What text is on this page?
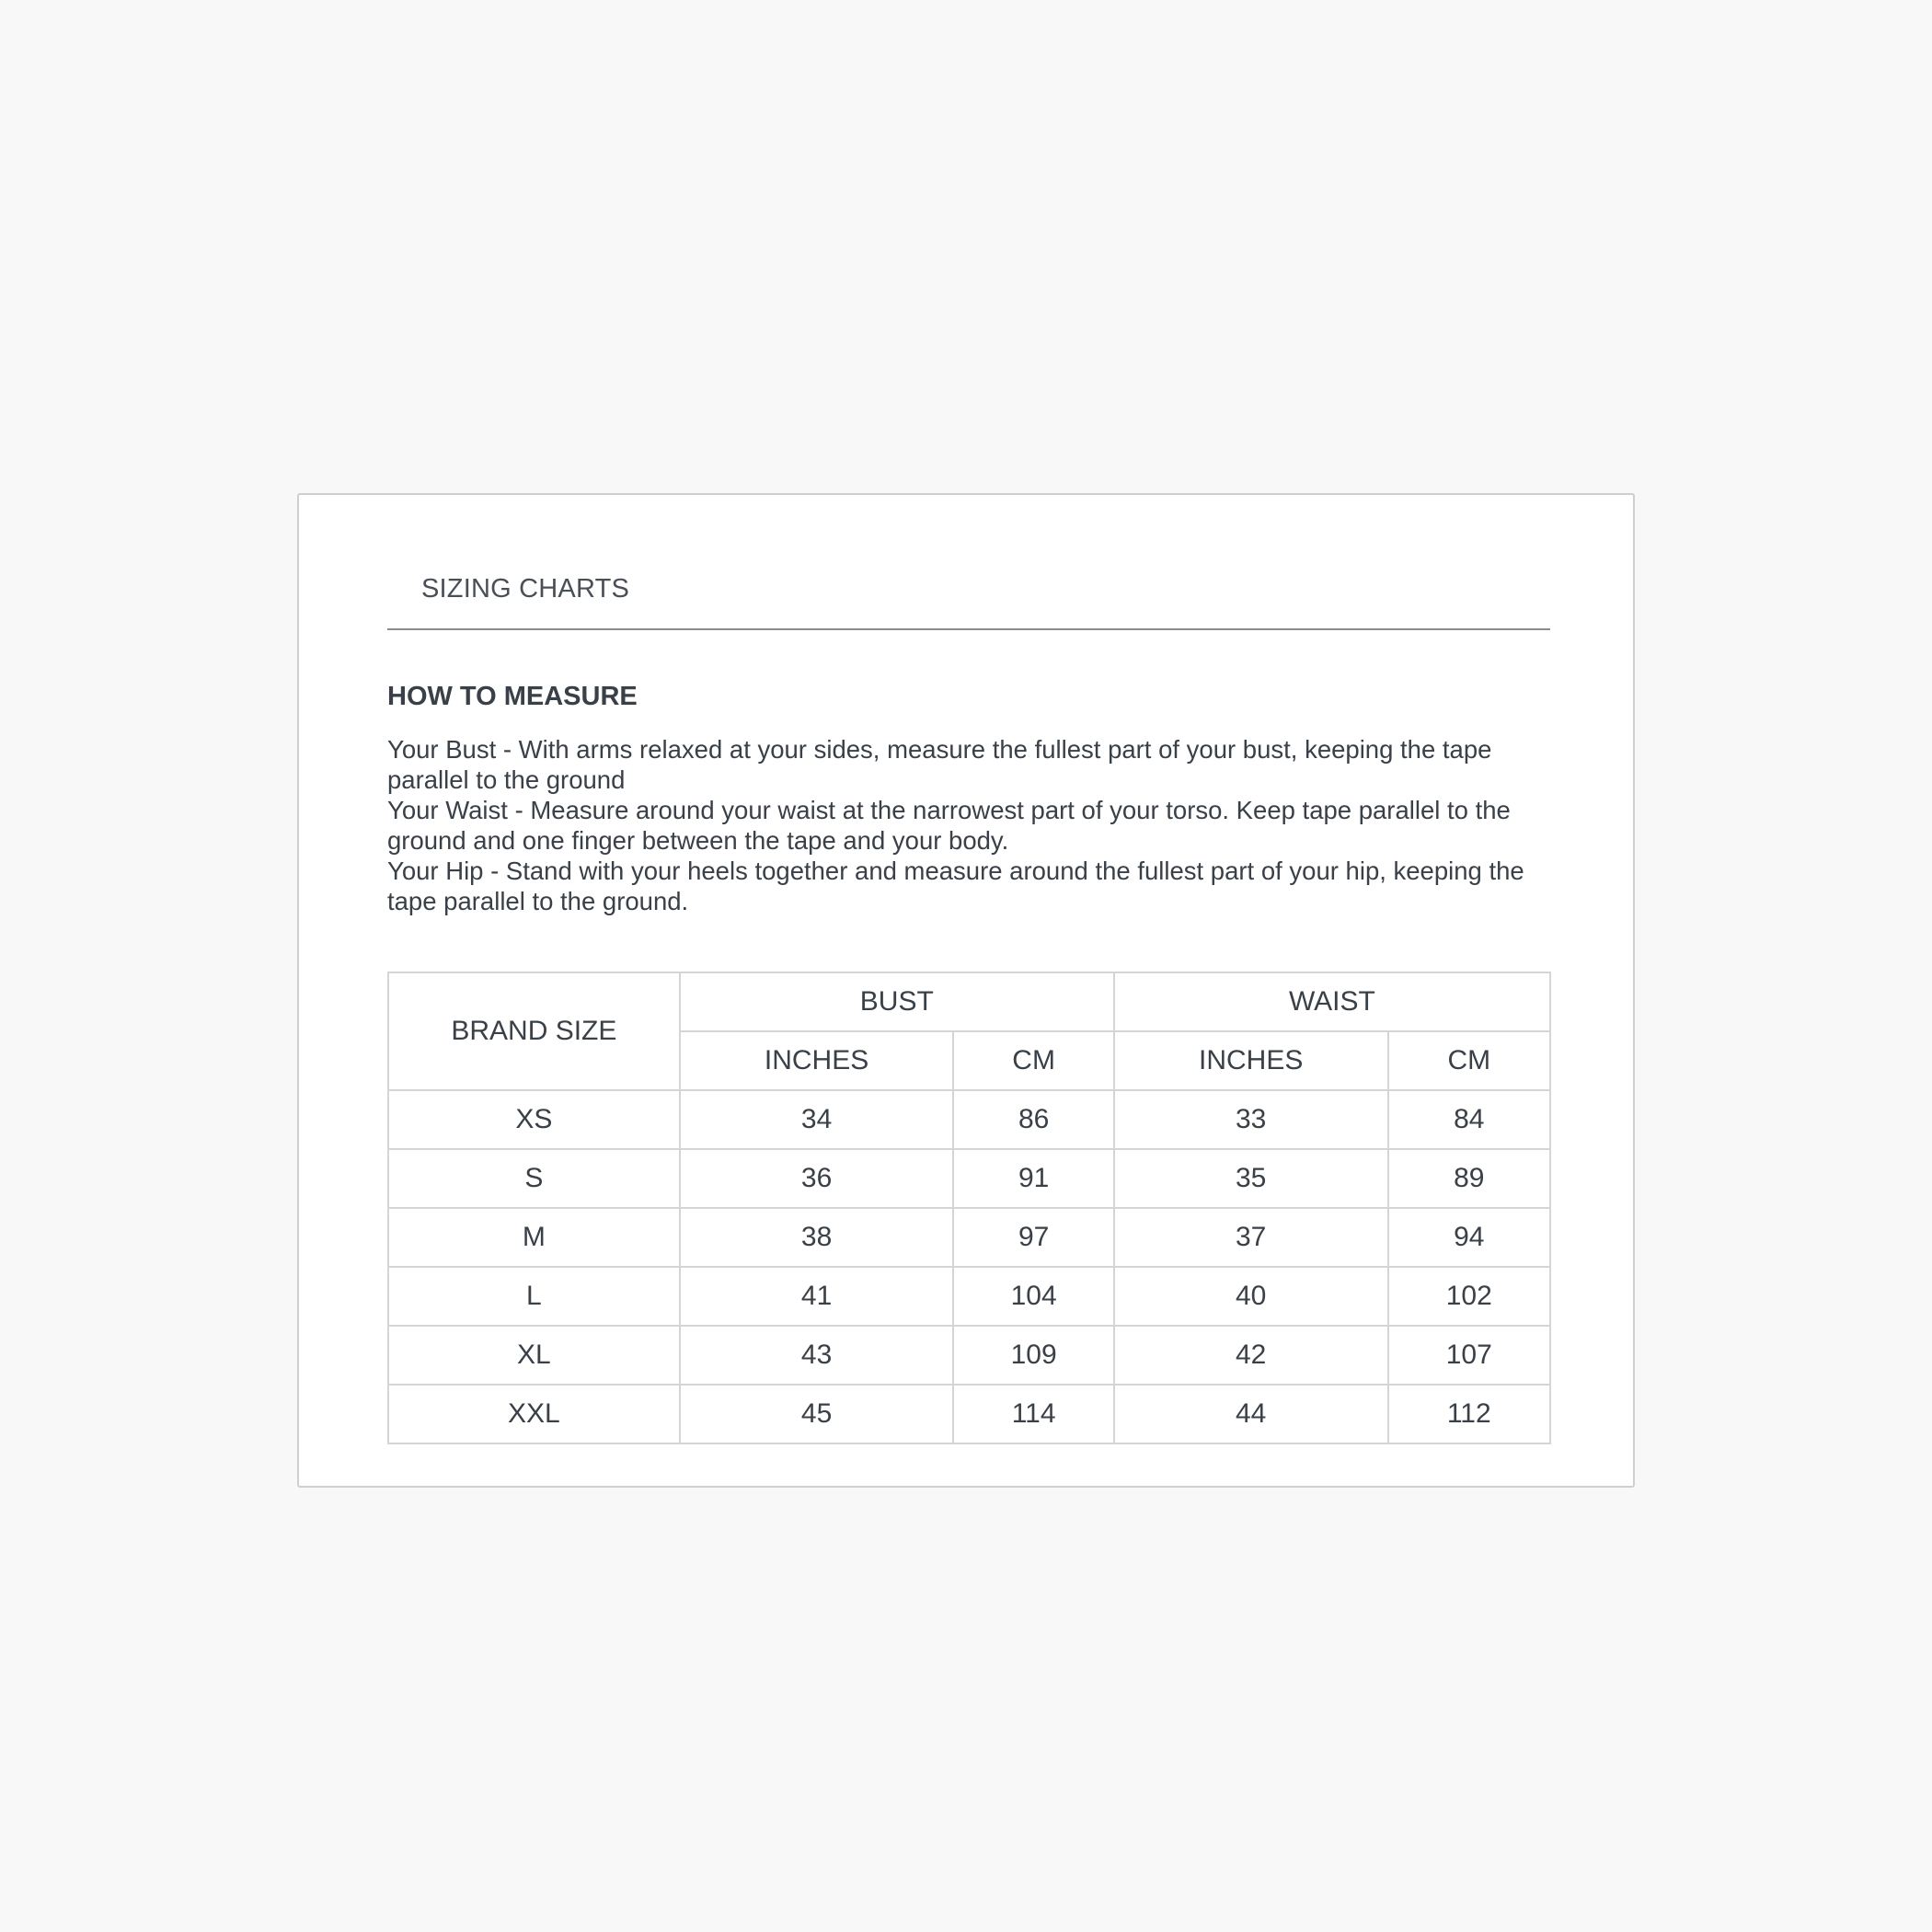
SIZING CHARTS
HOW TO MEASURE

Your Bust - With arms relaxed at your sides, measure the fullest part of your bust, keeping the tape parallel to the ground

Your Waist - Measure around your waist at the narrowest part of your torso. Keep tape parallel to the ground and one finger between the tape and your body.

Your Hip - Stand with your heels together and measure around the fullest part of your hip, keeping the tape parallel to the ground.

BRAND SIZE	BUST		WAIST	
	INCHES	CM	INCHES	CM
XS	34	86	33	84
S	36	91	35	89
M	38	97	37	94
L	41	104	40	102
XL	43	109	42	107
XXL	45	114	44	112
